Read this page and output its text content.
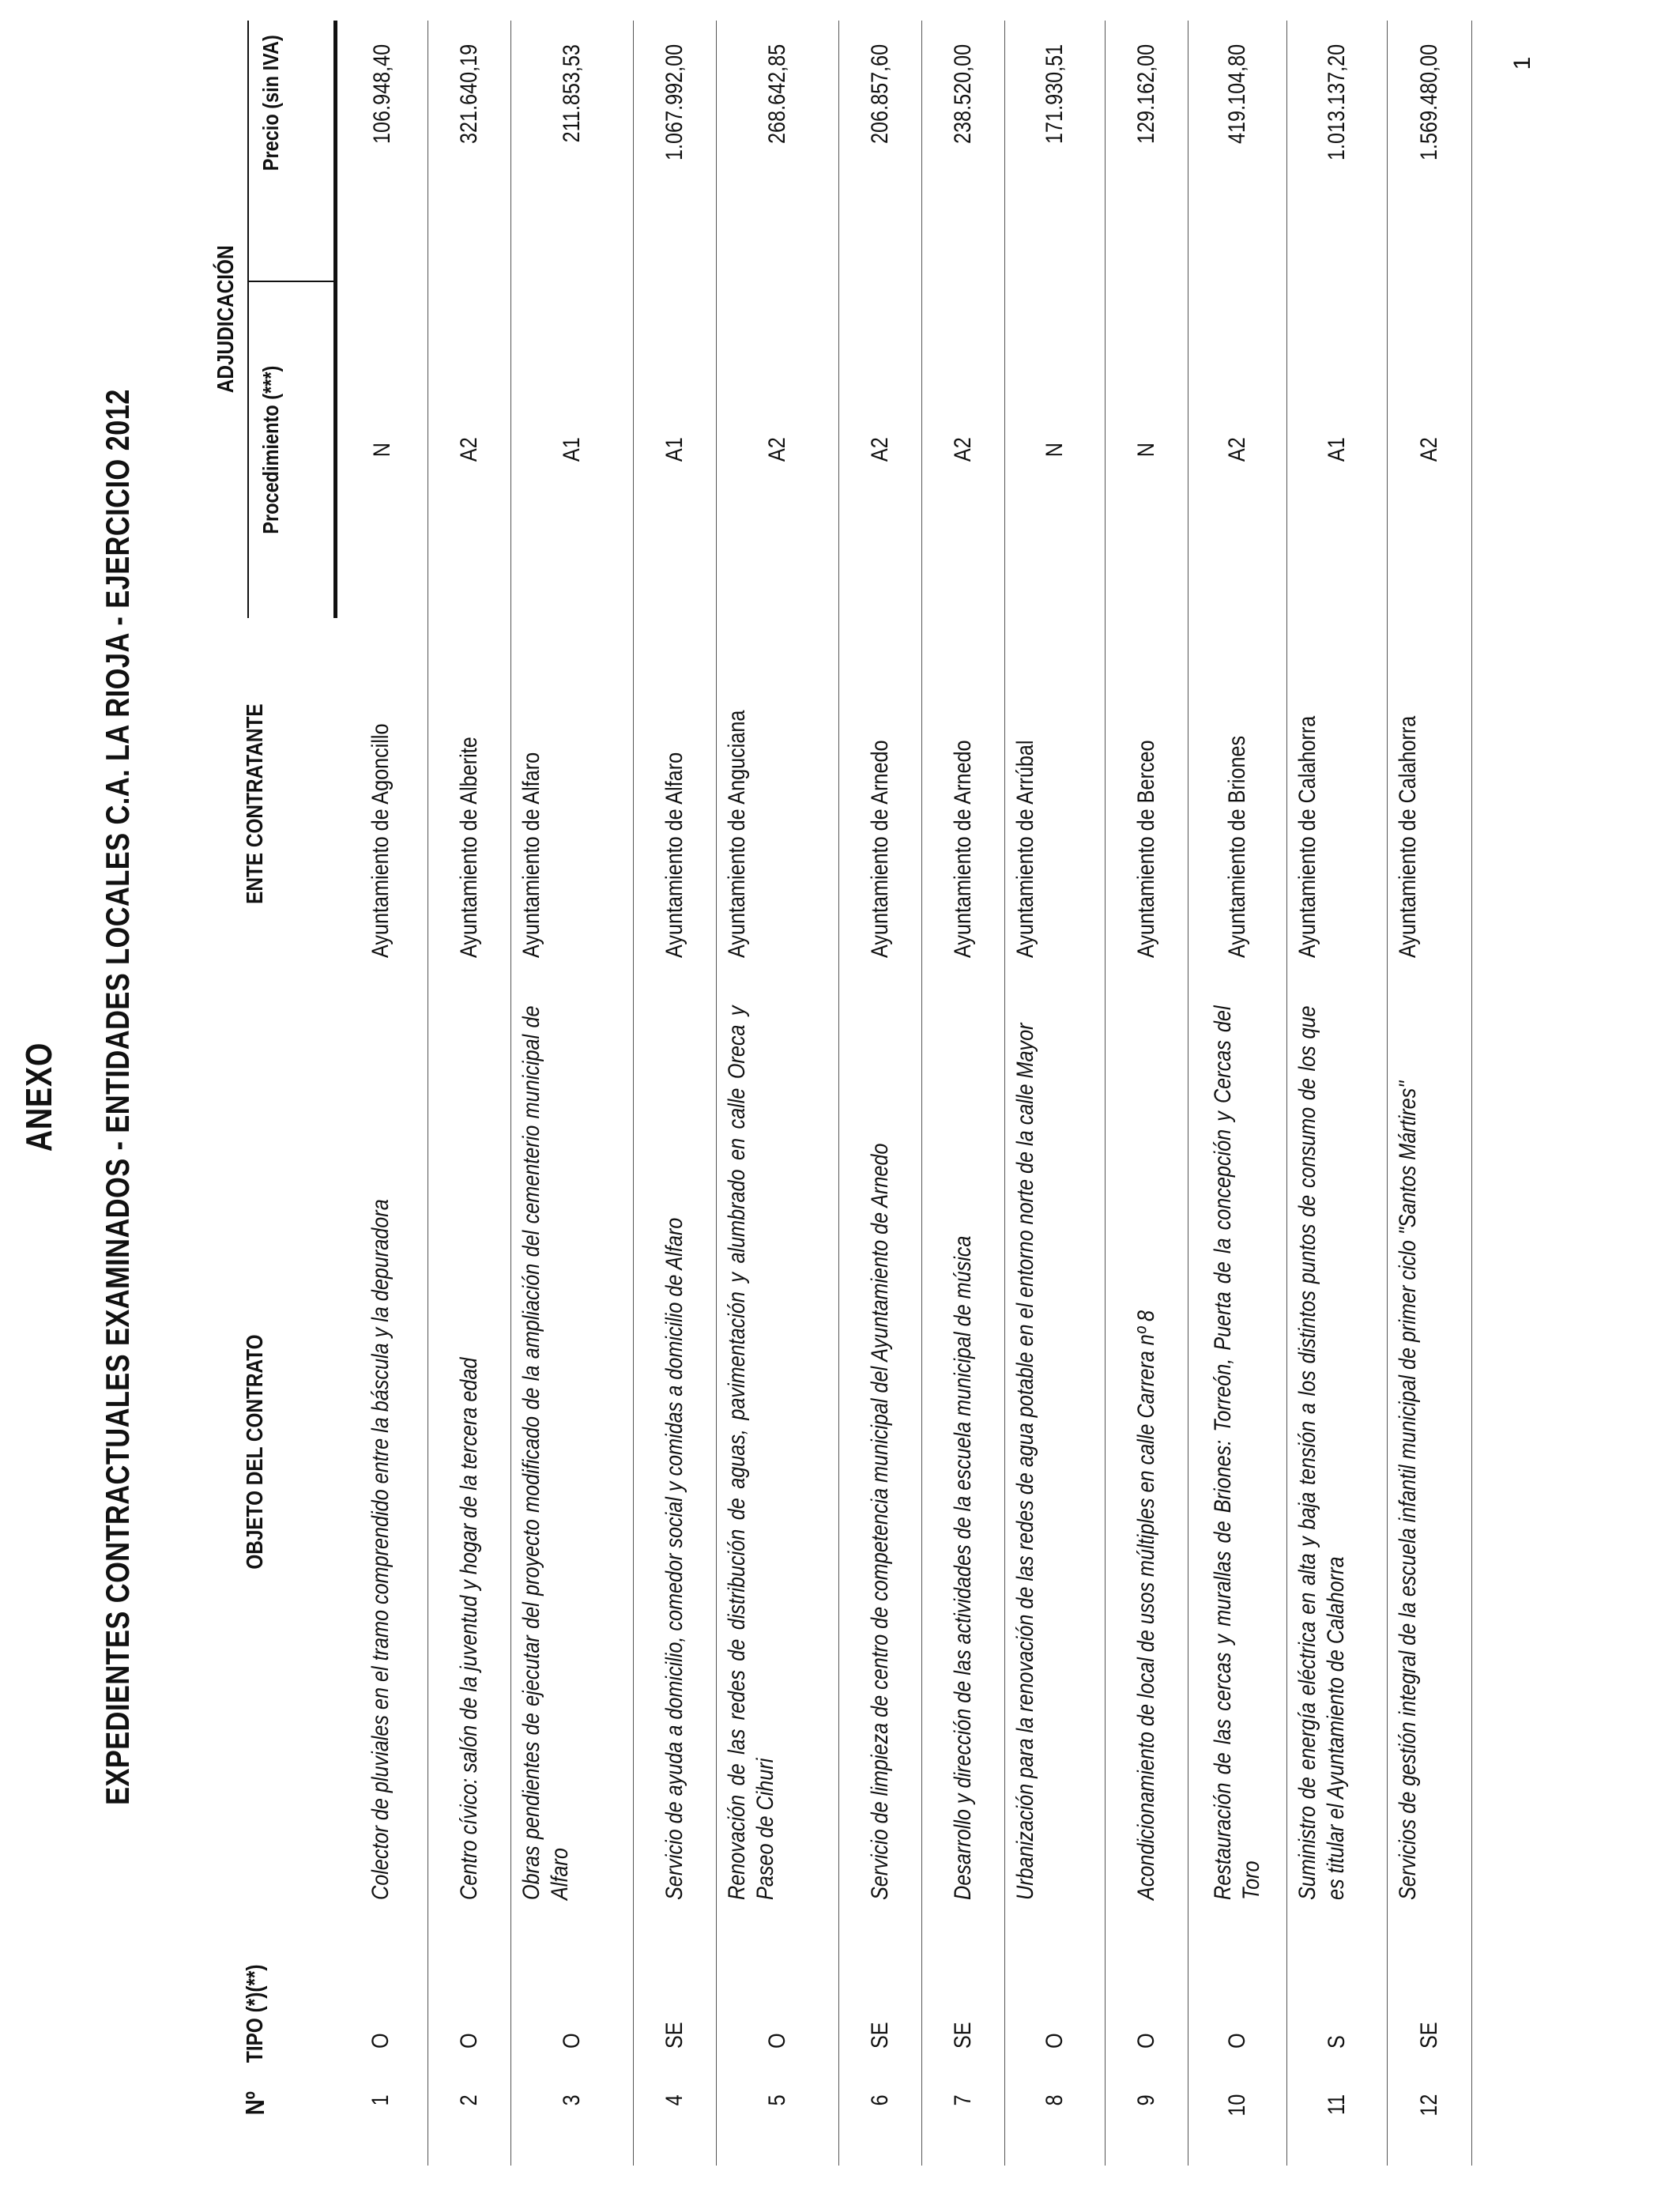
ANEXO EXPEDIENTES CONTRACTUALES EXAMINADOS - ENTIDADES LOCALES C.A. LA RIOJA - EJERCICIO 2012
Nº	TIPO (*)(**)	OBJETO DEL CONTRATO	ENTE CONTRATANTE	ADJUDICACIÓN	
				Procedimiento (***)	Precio (sin IVA)
1	O	Colector de pluviales en el tramo comprendido entre la báscula y la depuradora	Ayuntamiento de Agoncillo	N	106.948,40
2	O	Centro cívico: salón de la juventud y hogar de la tercera edad	Ayuntamiento de Alberite	A2	321.640,19
3	O	Obras pendientes de ejecutar del proyecto modificado de la ampliación del cementerio municipal de Alfaro	Ayuntamiento de Alfaro	A1	211.853,53
4	SE	Servicio de ayuda a domicilio, comedor social y comidas a domicilio de Alfaro	Ayuntamiento de Alfaro	A1	1.067.992,00
5	O	Renovación de las redes de distribución de aguas, pavimentación y alumbrado en calle Oreca y Paseo de Cihuri	Ayuntamiento de Anguciana	A2	268.642,85
6	SE	Servicio de limpieza de centro de competencia municipal del Ayuntamiento de Arnedo	Ayuntamiento de Arnedo	A2	206.857,60
7	SE	Desarrollo y dirección de las actividades de la escuela municipal de música	Ayuntamiento de Arnedo	A2	238.520,00
8	O	Urbanización para la renovación de las redes de agua potable en el entorno norte de la calle Mayor	Ayuntamiento de Arrúbal	N	171.930,51
9	O	Acondicionamiento de local de usos múltiples en calle Carrera nº 8	Ayuntamiento de Berceo	N	129.162,00
10	O	Restauración de las cercas y murallas de Briones: Torreón, Puerta de la concepción y Cercas del Toro	Ayuntamiento de Briones	A2	419.104,80
11	S	Suministro de energía eléctrica en alta y baja tensión a los distintos puntos de consumo de los que es titular el Ayuntamiento de Calahorra	Ayuntamiento de Calahorra	A1	1.013.137,20
12	SE	Servicios de gestión integral de la escuela infantil municipal de primer ciclo "Santos Mártires"	Ayuntamiento de Calahorra	A2	1.569.480,00	1
